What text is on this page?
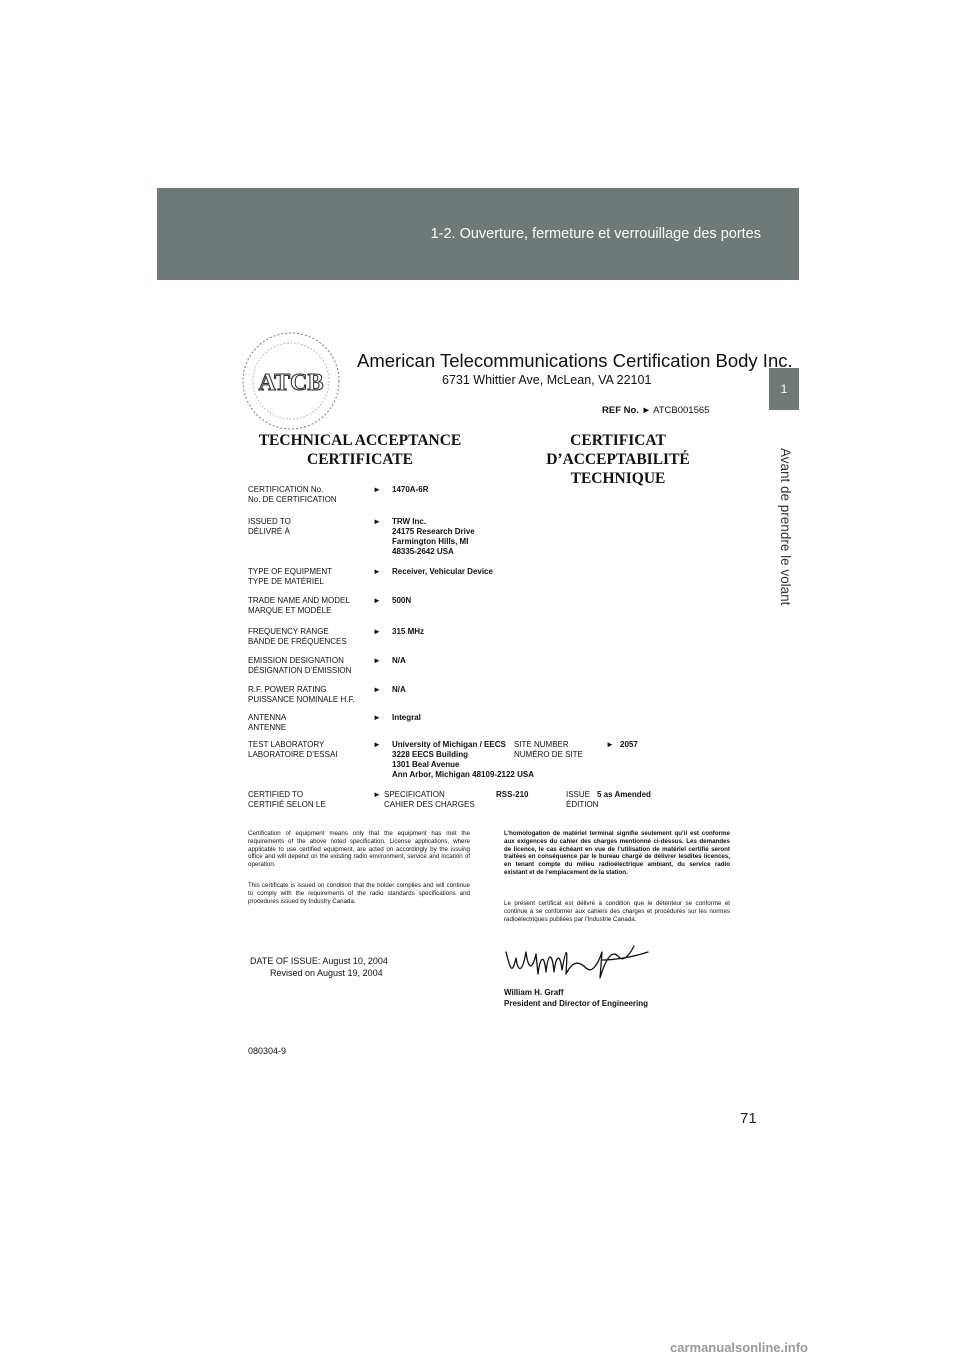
1-2. Ouverture, fermeture et verrouillage des portes
1
Avant de prendre le volant
ATCB
American Telecommunications Certification Body Inc.
6731 Whittier Ave, McLean, VA 22101
REF No. ► ATCB001565
TECHNICAL ACCEPTANCE CERTIFICATE
CERTIFICAT D’ACCEPTABILITÉ TECHNIQUE
CERTIFICATION No.
No. DE CERTIFICATION
► 1470A-6R
ISSUED TO
DÉLIVRÉ À
► TRW Inc.
24175 Research Drive
Farmington Hills, MI
48335-2642 USA
TYPE OF EQUIPMENT
TYPE DE MATÉRIEL
► Receiver, Vehicular Device
TRADE NAME AND MODEL
MARQUE ET MODÈLE
► 500N
FREQUENCY RANGE
BANDE DE FRÉQUENCES
► 315 MHz
EMISSION DESIGNATION
DÉSIGNATION D’ÉMISSION
► N/A
R.F. POWER RATING
PUISSANCE NOMINALE H.F.
► N/A
ANTENNA
ANTENNE
► Integral
TEST LABORATORY
LABORATOIRE D’ESSAI
► University of Michigan / EECS
3228 EECS Building
1301 Beal Avenue
Ann Arbor, Michigan 48109-2122 USA
SITE NUMBER
NUMÉRO DE SITE
► 2057
CERTIFIED TO
CERTIFIÉ SELON LE
► SPECIFICATION
CAHIER DES CHARGES
RSS-210	ISSUE
ÉDITION
5 as Amended
Certification of equipment means only that the equipment has met the requirements of the above noted specification. License applications, where applicable to use certified equipment, are acted on accordingly by the issuing office and will depend on the existing radio environment, service and location of operation.
This certificate is issued on condition that the holder complies and will continue to comply with the requirements of the radio standards specifications and procedures issued by Industry Canada.
L’homologation de matériel terminal signifie seulement qu’il est conforme aux exigences du cahier des charges mentionné ci-dessus. Les demandes de licence, le cas échéant en vue de l’utilisation de matériel certifié seront traitées en conséquence par le bureau chargé de délivrer lesdites licences, en tenant compte du milieu radioélectrique ambiant, du service radio existant et de l’emplacement de la station.
Le présent certificat est délivré à condition que le détenteur se conforme et continue à se conformer aux cahiers des charges et procédures sur les normes radioélectriques publiées par l’Industrie Canada.
DATE OF ISSUE: August 10, 2004
Revised on August 19, 2004
William H. Graff
President and Director of Engineering
080304-9
71
carmanualsonline.info
